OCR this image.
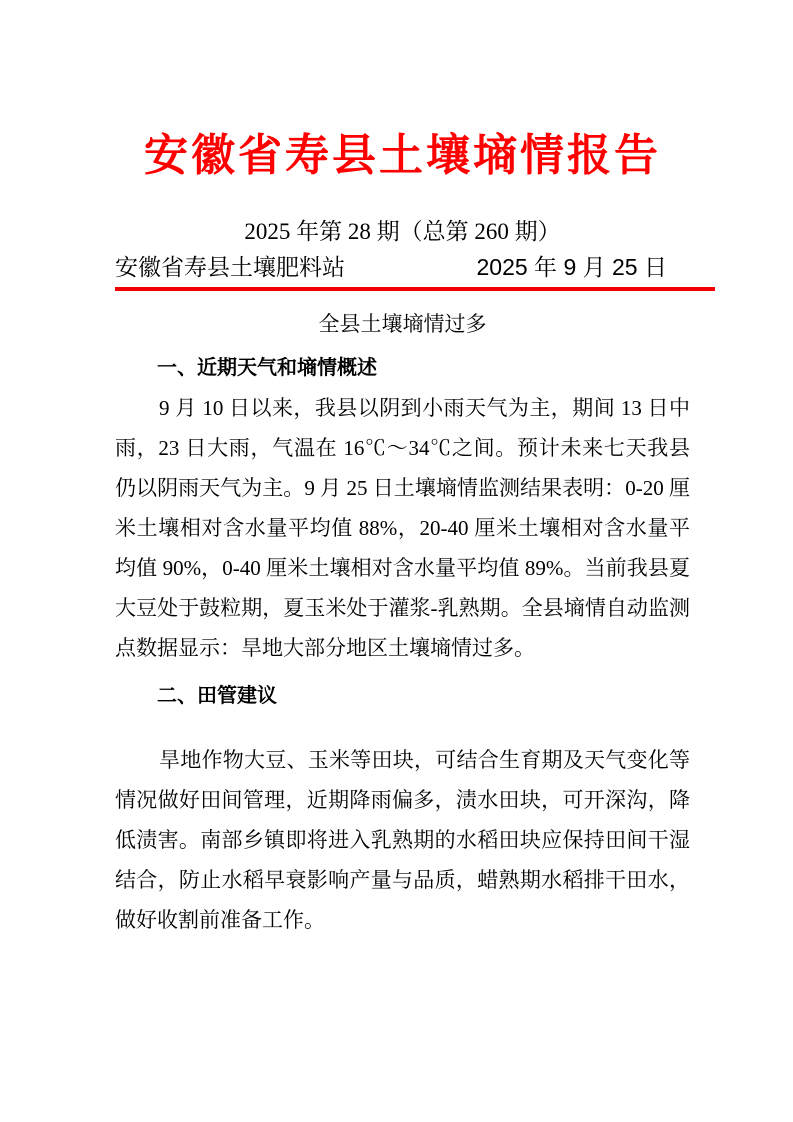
安徽省寿县土壤墒情报告
2025 年第 28 期（总第 260 期）
安徽省寿县土壤肥料站	2025 年 9 月 25 日
全县土壤墒情过多
一、近期天气和墒情概述

9 月 10 日以来，我县以阴到小雨天气为主，期间 13 日中雨，23 日大雨，气温在 16℃～34℃之间。预计未来七天我县仍以阴雨天气为主。9 月 25 日土壤墒情监测结果表明：0-20 厘米土壤相对含水量平均值 88%，20-40 厘米土壤相对含水量平均值 90%，0-40 厘米土壤相对含水量平均值 89%。当前我县夏大豆处于鼓粒期，夏玉米处于灌浆-乳熟期。全县墒情自动监测点数据显示：旱地大部分地区土壤墒情过多。

二、田管建议

旱地作物大豆、玉米等田块，可结合生育期及天气变化等情况做好田间管理，近期降雨偏多，渍水田块，可开深沟，降低渍害。南部乡镇即将进入乳熟期的水稻田块应保持田间干湿结合，防止水稻早衰影响产量与品质，蜡熟期水稻排干田水，做好收割前准备工作。
